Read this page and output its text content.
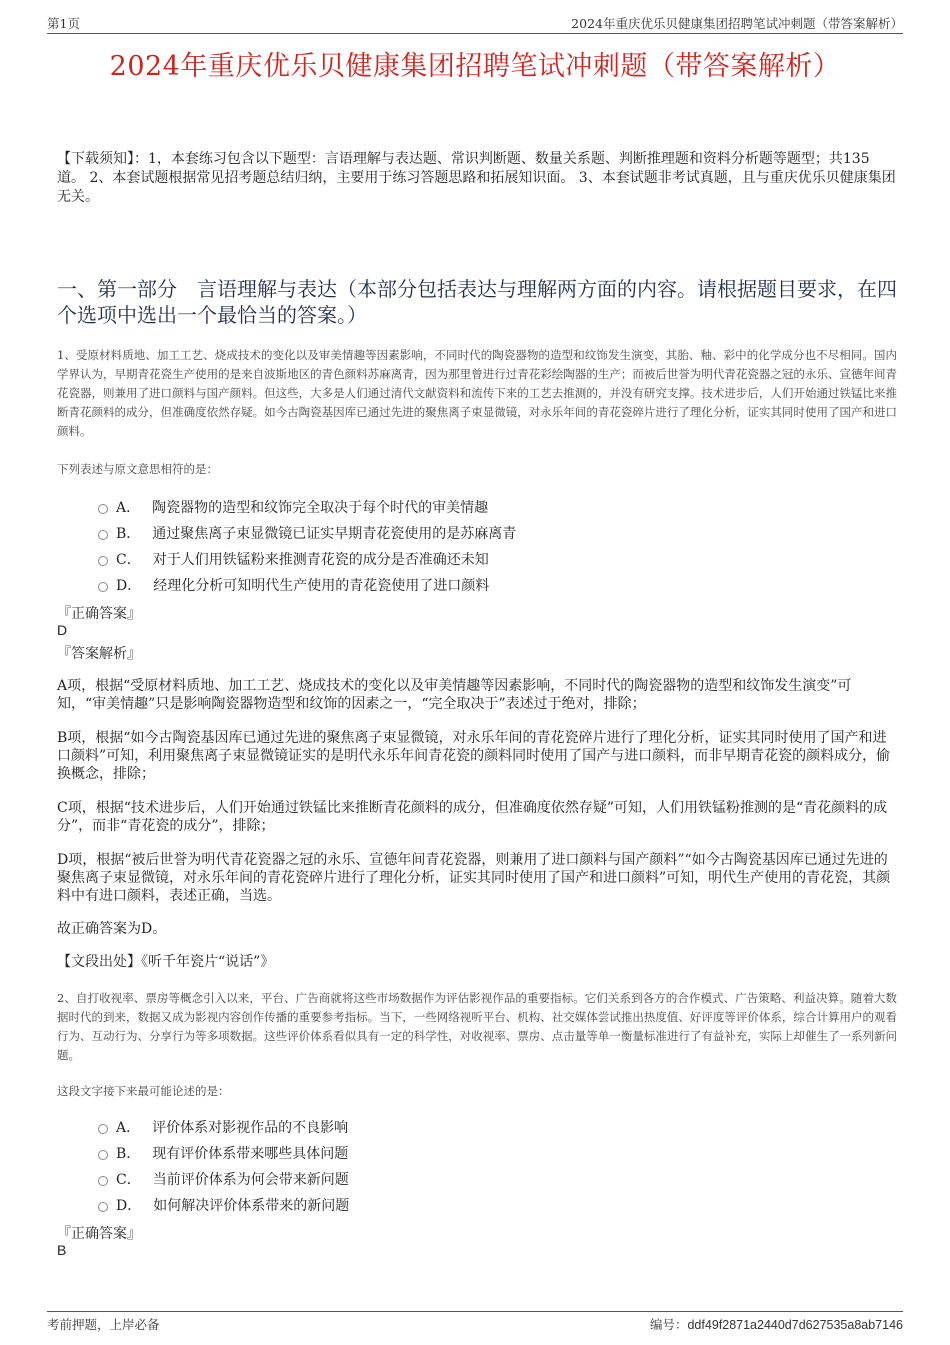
第1页	2024年重庆优乐贝健康集团招聘笔试冲刺题（带答案解析）
2024年重庆优乐贝健康集团招聘笔试冲刺题（带答案解析）
【下载须知】：1，本套练习包含以下题型：言语理解与表达题、常识判断题、数量关系题、判断推理题和资料分析题等题型；共135道。 2、本套试题根据常见招考题总结归纳，主要用于练习答题思路和拓展知识面。 3、本套试题非考试真题，且与重庆优乐贝健康集团无关。
一、第一部分　言语理解与表达（本部分包括表达与理解两方面的内容。请根据题目要求，在四个选项中选出一个最恰当的答案。）
1、受原材料质地、加工工艺、烧成技术的变化以及审美情趣等因素影响，不同时代的陶瓷器物的造型和纹饰发生演变，其胎、釉、彩中的化学成分也不尽相同。国内学界认为，早期青花瓷生产使用的是来自波斯地区的青色颜料苏麻离青，因为那里曾进行过青花彩绘陶器的生产；而被后世誉为明代青花瓷器之冠的永乐、宣德年间青花瓷器，则兼用了进口颜料与国产颜料。但这些，大多是人们通过清代文献资料和流传下来的工艺去推测的，并没有研究支撑。技术进步后，人们开始通过铁锰比来推断青花颜料的成分，但准确度依然存疑。如今古陶瓷基因库已通过先进的聚焦离子束显微镜，对永乐年间的青花瓷碎片进行了理化分析，证实其同时使用了国产和进口颜料。
下列表述与原文意思相符的是：
A． 陶瓷器物的造型和纹饰完全取决于每个时代的审美情趣
B． 通过聚焦离子束显微镜已证实早期青花瓷使用的是苏麻离青
C． 对于人们用铁锰粉来推测青花瓷的成分是否准确还未知
D． 经理化分析可知明代生产使用的青花瓷使用了进口颜料
『正确答案』
D
『答案解析』
A项，根据“受原材料质地、加工工艺、烧成技术的变化以及审美情趣等因素影响，不同时代的陶瓷器物的造型和纹饰发生演变”可知，“审美情趣”只是影响陶瓷器物造型和纹饰的因素之一，“完全取决于”表述过于绝对，排除；
B项，根据“如今古陶瓷基因库已通过先进的聚焦离子束显微镜，对永乐年间的青花瓷碎片进行了理化分析，证实其同时使用了国产和进口颜料”可知，利用聚焦离子束显微镜证实的是明代永乐年间青花瓷的颜料同时使用了国产与进口颜料，而非早期青花瓷的颜料成分，偷换概念，排除；
C项，根据“技术进步后，人们开始通过铁锰比来推断青花颜料的成分，但准确度依然存疑”可知，人们用铁锰粉推测的是“青花颜料的成分”，而非“青花瓷的成分”，排除；
D项，根据“被后世誉为明代青花瓷器之冠的永乐、宣德年间青花瓷器，则兼用了进口颜料与国产颜料”“如今古陶瓷基因库已通过先进的聚焦离子束显微镜，对永乐年间的青花瓷碎片进行了理化分析，证实其同时使用了国产和进口颜料”可知，明代生产使用的青花瓷，其颜料中有进口颜料，表述正确，当选。
故正确答案为D。
【文段出处】《听千年瓷片“说话”》
2、自打收视率、票房等概念引入以来，平台、广告商就将这些市场数据作为评估影视作品的重要指标。它们关系到各方的合作模式、广告策略、利益决算。随着大数据时代的到来，数据又成为影视内容创作传播的重要参考指标。当下，一些网络视听平台、机构、社交媒体尝试推出热度值、好评度等评价体系，综合计算用户的观看行为、互动行为、分享行为等多项数据。这些评价体系看似具有一定的科学性，对收视率、票房、点击量等单一衡量标准进行了有益补充，实际上却催生了一系列新问题。
这段文字接下来最可能论述的是：
A． 评价体系对影视作品的不良影响
B． 现有评价体系带来哪些具体问题
C． 当前评价体系为何会带来新问题
D． 如何解决评价体系带来的新问题
『正确答案』
B
考前押题，上岸必备	编号：ddf49f2871a2440d7d627535a8ab7146
